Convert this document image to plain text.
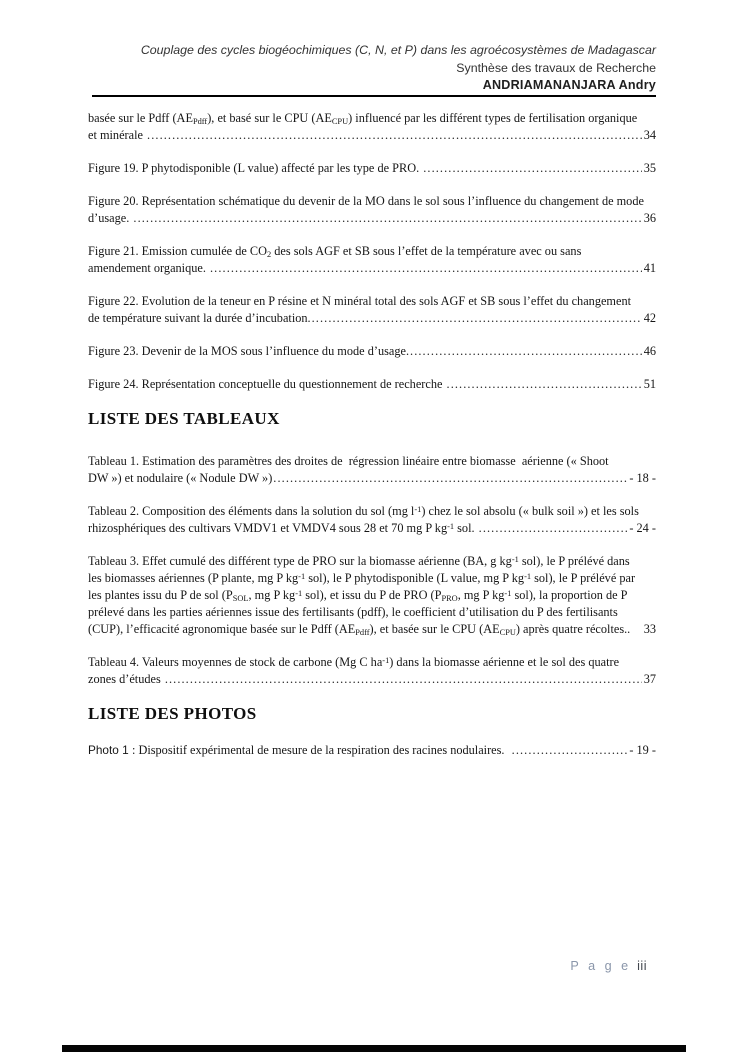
Couplage des cycles biogéochimiques (C, N, et P) dans les agroécosystèmes de Madagascar
Synthèse des travaux de Recherche
ANDRIAMANANJARA Andry
basée sur le Pdff (AEPdff), et basé sur le CPU (AECPU) influencé par les différent types de fertilisation organique
et minérale .....	34
Figure 19. P phytodisponible (L value) affecté par les type de PRO. .....	35
Figure 20. Représentation schématique du devenir de la MO dans le sol sous l’influence du changement de mode
d’usage. .....	36
Figure 21. Emission cumulée de CO2 des sols AGF et SB sous l’effet de la température avec ou sans
amendement organique. .....	41
Figure 22. Evolution de la teneur en P résine et N minéral total des sols AGF et SB sous l’effet du changement
de température suivant la durée d’incubation. .....	42
Figure 23. Devenir de la MOS sous l’influence du mode d’usage. .....	46
Figure 24. Représentation conceptuelle du questionnement de recherche .....	51
LISTE DES TABLEAUX
Tableau 1. Estimation des paramètres des droites de  régression linéaire entre biomasse  aérienne (« Shoot
DW ») et nodulaire (« Nodule DW ») .....	- 18 -
Tableau 2. Composition des éléments dans la solution du sol (mg $l^{-1}$) chez le sol absolu (« bulk soil ») et les sols
rhizosphériques des cultivars VMDV1 et VMDV4 sous 28 et 70 mg P $kg^{-1}$ sol. .....	- 24 -
Tableau 3. Effet cumulé des différent type de PRO sur la biomasse aérienne (BA, g $kg^{-1}$ sol), le P prélévé dans
les biomasses aériennes (P plante, mg P $kg^{-1}$ sol), le P phytodisponible (L value, mg P $kg^{-1}$ sol), le P prélévé par
les plantes issu du P de sol (PSOL, mg P $kg^{-1}$ sol), et issu du P de PRO (PPRO, mg P $kg^{-1}$ sol), la proportion de P
prélevé dans les parties aériennes issue des fertilisants (pdff), le coefficient d’utilisation du P des fertilisants
(CUP), l’efficacité agronomique basée sur le Pdff (AEPdff), et basée sur le CPU (AECPU) après quatre récoltes.. 33
Tableau 4. Valeurs moyennes de stock de carbone (Mg C $ha^{-1}$) dans la biomasse aérienne et le sol des quatre
zones d’études .....	37
LISTE DES PHOTOS
Photo 1 : Dispositif expérimental de mesure de la respiration des racines nodulaires. .....	- 19 -
P a g e iii
